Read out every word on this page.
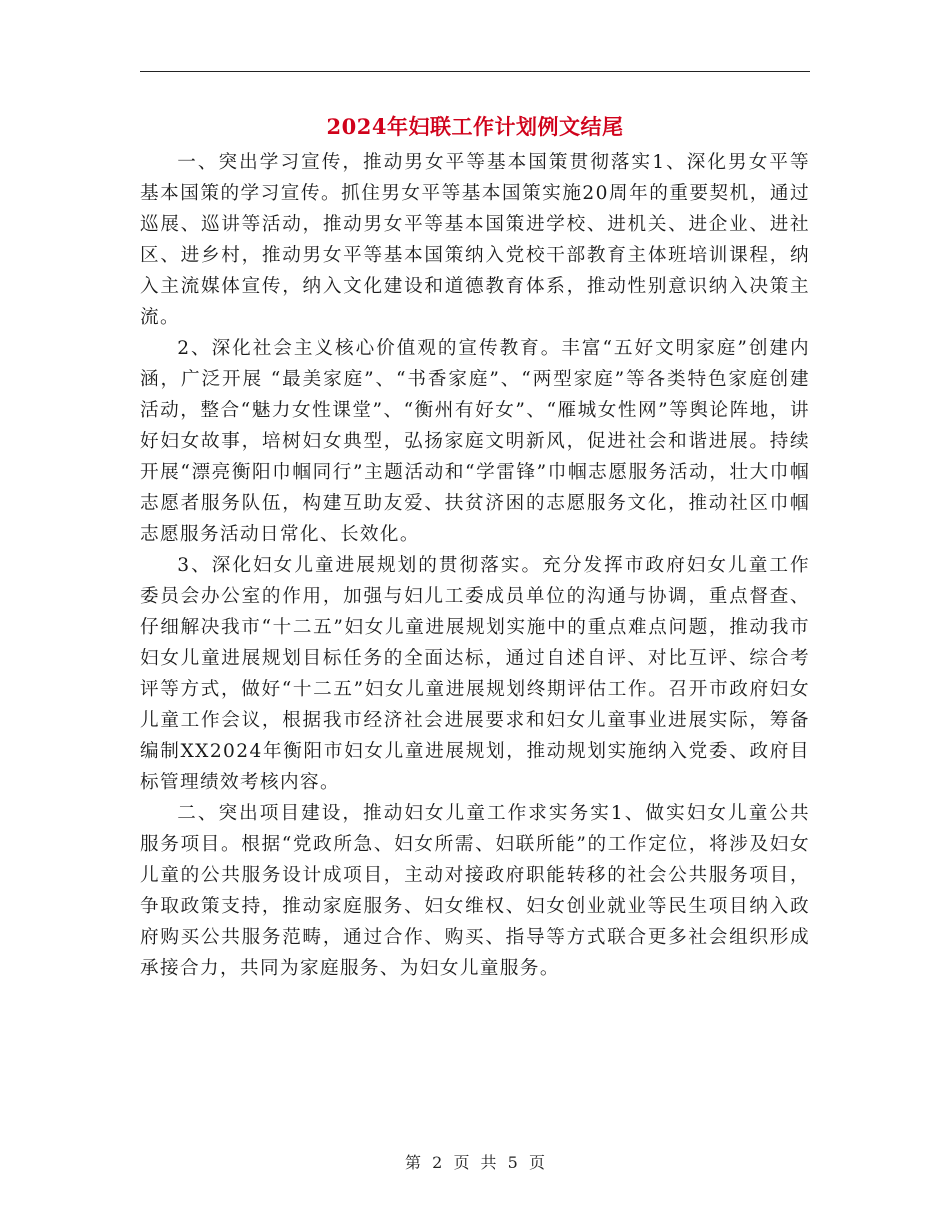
2024年妇联工作计划例文结尾

一、突出学习宣传，推动男女平等基本国策贯彻落实1、深化男女平等基本国策的学习宣传。抓住男女平等基本国策实施20周年的重要契机，通过巡展、巡讲等活动，推动男女平等基本国策进学校、进机关、进企业、进社区、进乡村，推动男女平等基本国策纳入党校干部教育主体班培训课程，纳入主流媒体宣传，纳入文化建设和道德教育体系，推动性别意识纳入决策主流。

2、深化社会主义核心价值观的宣传教育。丰富“五好文明家庭”创建内涵，广泛开展 “最美家庭”、“书香家庭”、“两型家庭”等各类特色家庭创建活动，整合“魅力女性课堂”、“衡州有好女”、“雁城女性网”等舆论阵地，讲好妇女故事，培树妇女典型，弘扬家庭文明新风，促进社会和谐进展。持续开展“漂亮衡阳巾帼同行”主题活动和“学雷锋”巾帼志愿服务活动，壮大巾帼志愿者服务队伍，构建互助友爱、扶贫济困的志愿服务文化，推动社区巾帼志愿服务活动日常化、长效化。

3、深化妇女儿童进展规划的贯彻落实。充分发挥市政府妇女儿童工作委员会办公室的作用，加强与妇儿工委成员单位的沟通与协调，重点督查、仔细解决我市“十二五”妇女儿童进展规划实施中的重点难点问题，推动我市妇女儿童进展规划目标任务的全面达标，通过自述自评、对比互评、综合考评等方式，做好“十二五”妇女儿童进展规划终期评估工作。召开市政府妇女儿童工作会议，根据我市经济社会进展要求和妇女儿童事业进展实际，筹备编制XX2024年衡阳市妇女儿童进展规划，推动规划实施纳入党委、政府目标管理绩效考核内容。

二、突出项目建设，推动妇女儿童工作求实务实1、做实妇女儿童公共服务项目。根据“党政所急、妇女所需、妇联所能”的工作定位，将涉及妇女儿童的公共服务设计成项目，主动对接政府职能转移的社会公共服务项目，争取政策支持，推动家庭服务、妇女维权、妇女创业就业等民生项目纳入政府购买公共服务范畴，通过合作、购买、指导等方式联合更多社会组织形成承接合力，共同为家庭服务、为妇女儿童服务。

第 2 页 共 5 页
